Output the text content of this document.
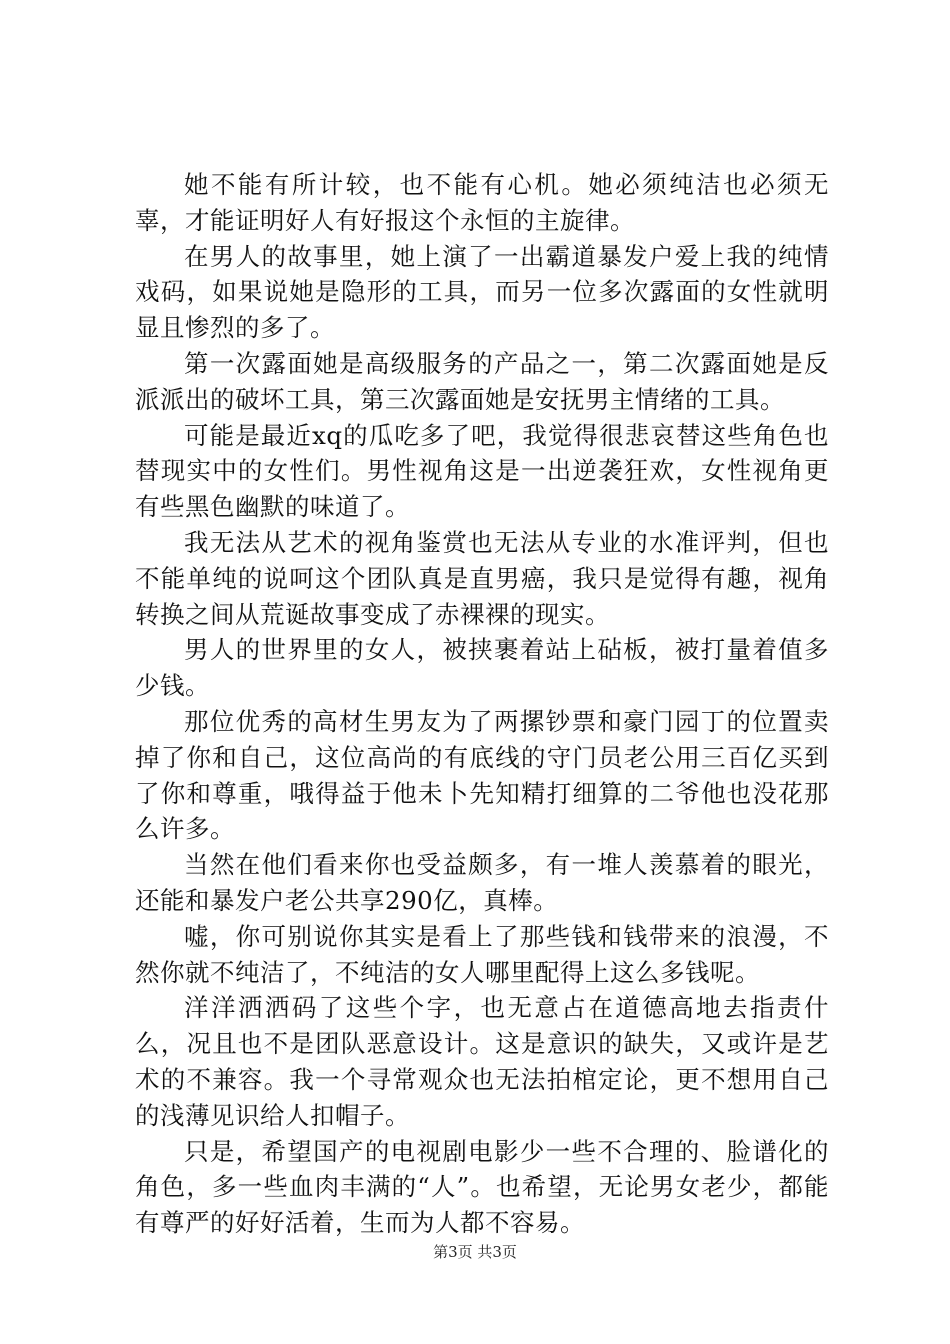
她不能有所计较，也不能有心机。她必须纯洁也必须无辜，才能证明好人有好报这个永恒的主旋律。

在男人的故事里，她上演了一出霸道暴发户爱上我的纯情戏码，如果说她是隐形的工具，而另一位多次露面的女性就明显且惨烈的多了。

第一次露面她是高级服务的产品之一，第二次露面她是反派派出的破坏工具，第三次露面她是安抚男主情绪的工具。

可能是最近xq的瓜吃多了吧，我觉得很悲哀替这些角色也替现实中的女性们。男性视角这是一出逆袭狂欢，女性视角更有些黑色幽默的味道了。

我无法从艺术的视角鉴赏也无法从专业的水准评判，但也不能单纯的说呵这个团队真是直男癌，我只是觉得有趣，视角转换之间从荒诞故事变成了赤裸裸的现实。

男人的世界里的女人，被挟裹着站上砧板，被打量着值多少钱。

那位优秀的高材生男友为了两摞钞票和豪门园丁的位置卖掉了你和自己，这位高尚的有底线的守门员老公用三百亿买到了你和尊重，哦得益于他未卜先知精打细算的二爷他也没花那么许多。

当然在他们看来你也受益颇多，有一堆人羡慕着的眼光，还能和暴发户老公共享290亿，真棒。

嘘，你可别说你其实是看上了那些钱和钱带来的浪漫，不然你就不纯洁了，不纯洁的女人哪里配得上这么多钱呢。

洋洋洒洒码了这些个字，也无意占在道德高地去指责什么，况且也不是团队恶意设计。这是意识的缺失，又或许是艺术的不兼容。我一个寻常观众也无法拍棺定论，更不想用自己的浅薄见识给人扣帽子。

只是，希望国产的电视剧电影少一些不合理的、脸谱化的角色，多一些血肉丰满的“人”。也希望，无论男女老少，都能有尊严的好好活着，生而为人都不容易。

第3页 共3页
